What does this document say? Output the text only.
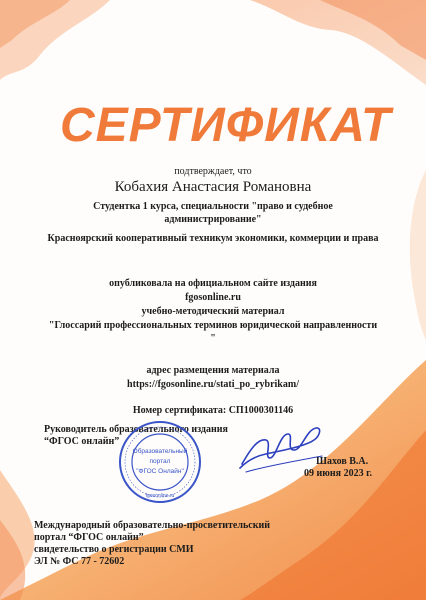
СЕРТИФИКАТ
подтверждает, что
Кобахия Анастасия Романовна
Студентка 1 курса, специальности "право и судебное
администрирование"
Красноярский кооперативный техникум экономики, коммерции и права
опубликовала на официальном сайте издания
fgosonline.ru
учебно-методический материал
"Глоссарий профессиональных терминов юридической направленности
"
адрес размещения материала
https://fgosonline.ru/stati_po_rybrikam/
Номер сертификата: СП1000301146
Руководитель образовательного издания
“ФГОС онлайн”
Образовательный
портал
"ФГОС Онлайн"
fgosonline.ru
Шахов В.А.
09 июня 2023 г.
Международный образовательно-просветительский
портал “ФГОС онлайн”
свидетельство о регистрации СМИ
ЭЛ № ФС 77 - 72602
